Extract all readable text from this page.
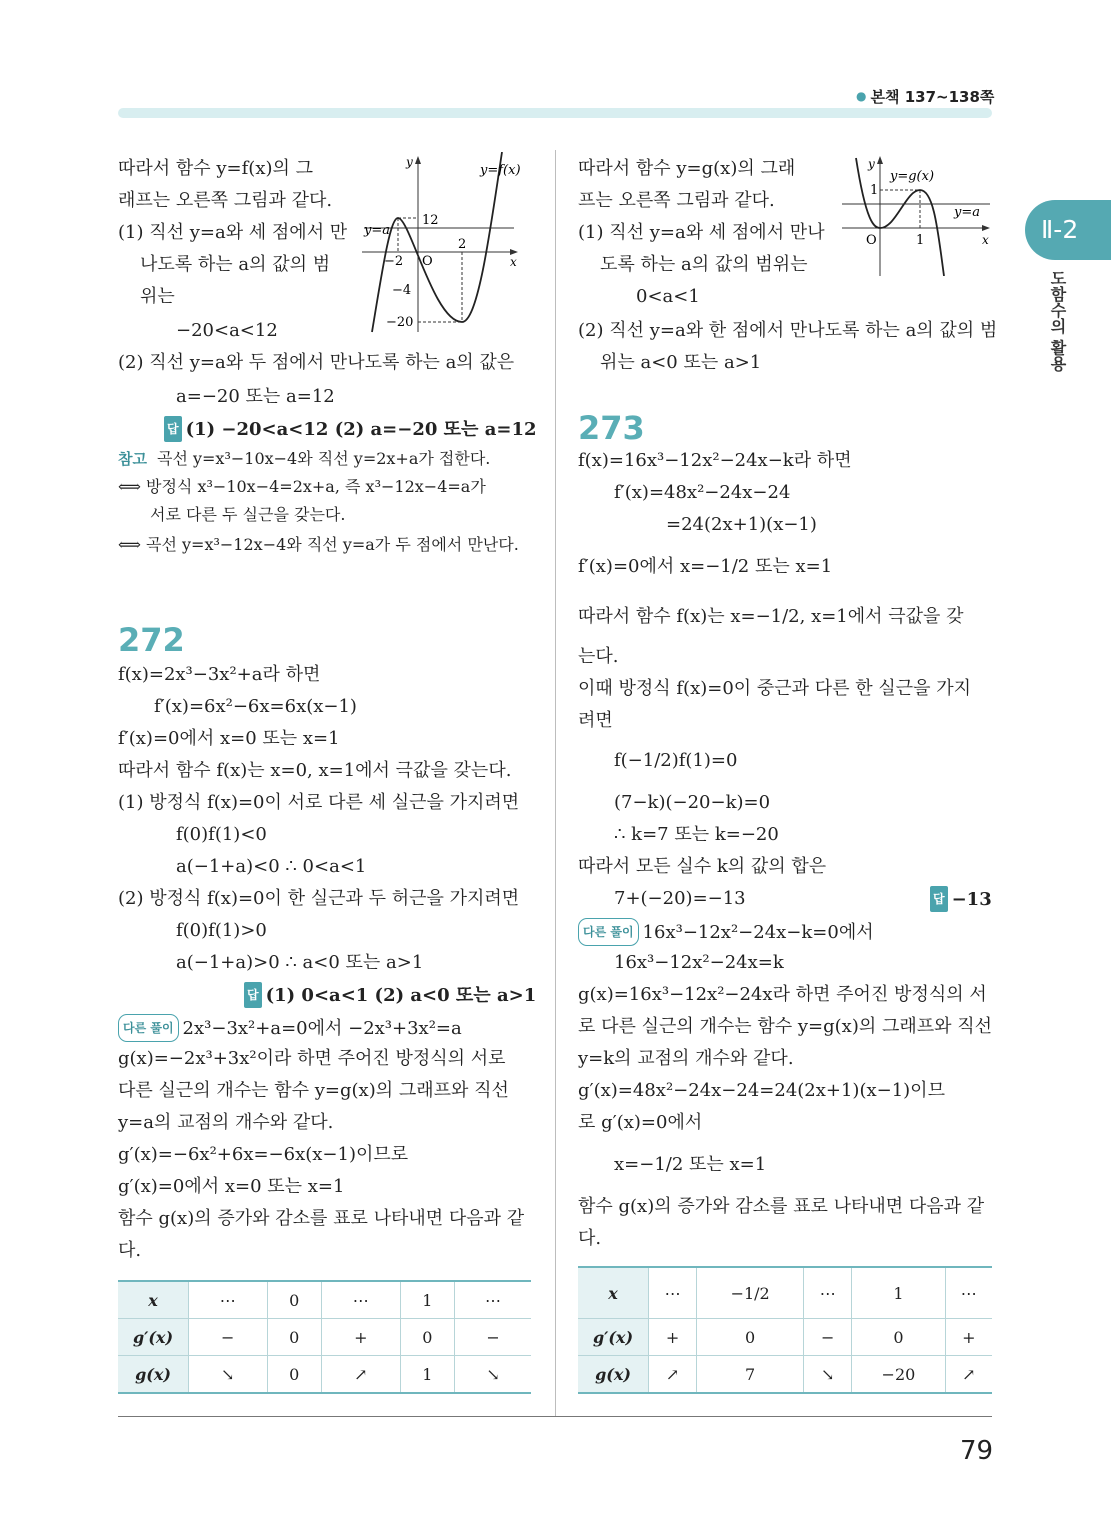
● 본책 137~138쪽
Ⅱ-2
도함수의 활용
따라서 함수 y=f(x)의 그
래프는 오른쪽 그림과 같다.
(1) 직선 y=a와 세 점에서 만
나도록 하는 a의 값의 범
위는
−20<a<12
(2) 직선 y=a와 두 점에서 만나도록 하는 a의 값은
a=−20 또는 a=12
답 (1) −20<a<12 (2) a=−20 또는 a=12
참고 곡선 y=x³−10x−4와 직선 y=2x+a가 접한다.
⟺ 방정식 x³−10x−4=2x+a, 즉 x³−12x−4=a가
서로 다른 두 실근을 갖는다.
⟺ 곡선 y=x³−12x−4와 직선 y=a가 두 점에서 만난다.
y
x
y=f(x)
y=a
O
12
2
−2
−4
−20
272
f(x)=2x³−3x²+a라 하면
f′(x)=6x²−6x=6x(x−1)
f′(x)=0에서 x=0 또는 x=1
따라서 함수 f(x)는 x=0, x=1에서 극값을 갖는다.
(1) 방정식 f(x)=0이 서로 다른 세 실근을 가지려면
f(0)f(1)<0
a(−1+a)<0 ∴ 0<a<1
(2) 방정식 f(x)=0이 한 실근과 두 허근을 가지려면
f(0)f(1)>0
a(−1+a)>0 ∴ a<0 또는 a>1
답 (1) 0<a<1 (2) a<0 또는 a>1
다른 풀이 2x³−3x²+a=0에서 −2x³+3x²=a
g(x)=−2x³+3x²이라 하면 주어진 방정식의 서로
다른 실근의 개수는 함수 y=g(x)의 그래프와 직선
y=a의 교점의 개수와 같다.
g′(x)=−6x²+6x=−6x(x−1)이므로
g′(x)=0에서 x=0 또는 x=1
함수 g(x)의 증가와 감소를 표로 나타내면 다음과 같
다.
x	⋯	0	⋯	1	⋯
g′(x)	−	0	+	0	−
g(x)	↘	0	↗	1	↘
따라서 함수 y=g(x)의 그래
프는 오른쪽 그림과 같다.
(1) 직선 y=a와 세 점에서 만나
도록 하는 a의 값의 범위는
0<a<1
(2) 직선 y=a와 한 점에서 만나도록 하는 a의 값의 범
위는 a<0 또는 a>1
y
x
y=g(x)
y=a
O
1
1
273
f(x)=16x³−12x²−24x−k라 하면
f′(x)=48x²−24x−24
=24(2x+1)(x−1)
f′(x)=0에서 x=−1/2 또는 x=1
따라서 함수 f(x)는 x=−1/2, x=1에서 극값을 갖
는다.
이때 방정식 f(x)=0이 중근과 다른 한 실근을 가지
려면
f(−1/2)f(1)=0
(7−k)(−20−k)=0
∴ k=7 또는 k=−20
따라서 모든 실수 k의 값의 합은
7+(−20)=−13	답 −13
다른 풀이 16x³−12x²−24x−k=0에서
16x³−12x²−24x=k
g(x)=16x³−12x²−24x라 하면 주어진 방정식의 서
로 다른 실근의 개수는 함수 y=g(x)의 그래프와 직선
y=k의 교점의 개수와 같다.
g′(x)=48x²−24x−24=24(2x+1)(x−1)이므
로 g′(x)=0에서
x=−1/2 또는 x=1
함수 g(x)의 증가와 감소를 표로 나타내면 다음과 같
다.
x	⋯	−1/2	⋯	1	⋯
g′(x)	+	0	−	0	+
g(x)	↗	7	↘	−20	↗
79
